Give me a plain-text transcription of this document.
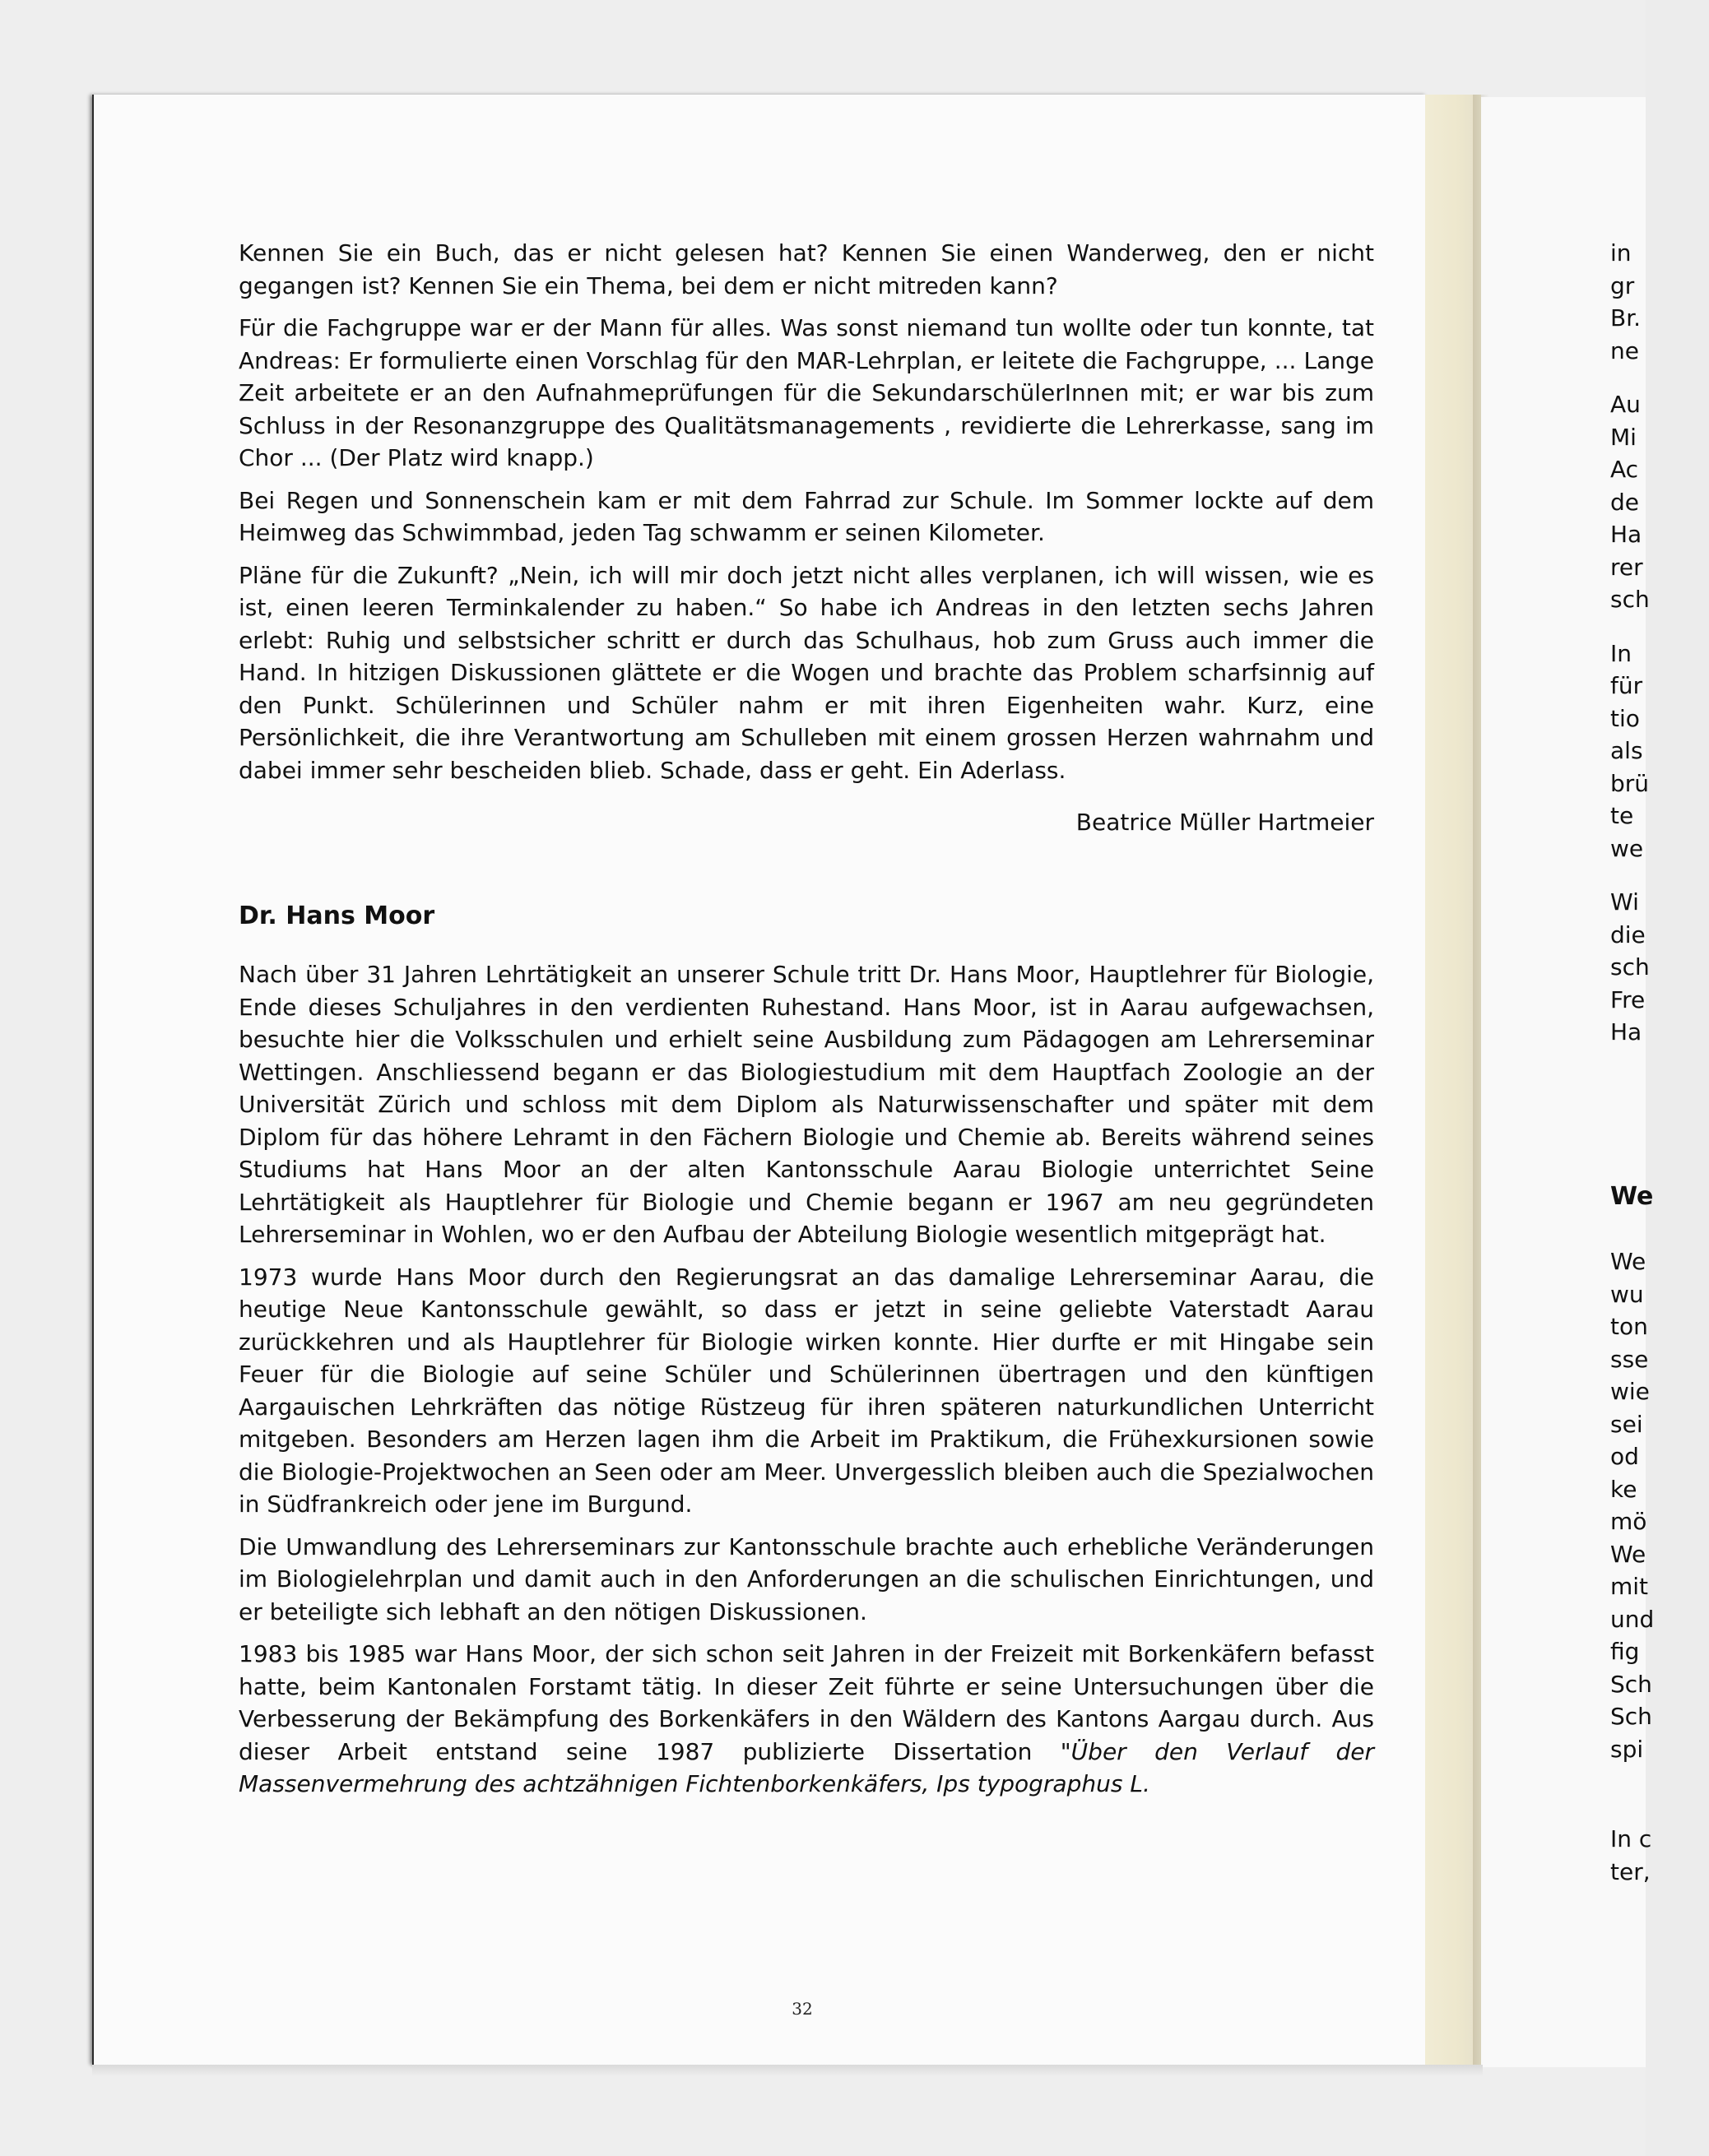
Kennen Sie ein Buch, das er nicht gelesen hat? Kennen Sie einen Wanderweg, den er nicht gegangen ist? Kennen Sie ein Thema, bei dem er nicht mitreden kann?

Für die Fachgruppe war er der Mann für alles. Was sonst niemand tun wollte oder tun konnte, tat Andreas: Er formulierte einen Vorschlag für den MAR-Lehrplan, er leitete die Fachgruppe, ... Lange Zeit arbeitete er an den Aufnahmeprüfungen für die SekundarschülerInnen mit; er war bis zum Schluss in der Resonanzgruppe des Qualitätsmanagements , revidierte die Lehrerkasse, sang im Chor ... (Der Platz wird knapp.)

Bei Regen und Sonnenschein kam er mit dem Fahrrad zur Schule. Im Sommer lockte auf dem Heimweg das Schwimmbad, jeden Tag schwamm er seinen Kilometer.

Pläne für die Zukunft? „Nein, ich will mir doch jetzt nicht alles verplanen, ich will wissen, wie es ist, einen leeren Terminkalender zu haben.“ So habe ich Andreas in den letzten sechs Jahren erlebt: Ruhig und selbstsicher schritt er durch das Schulhaus, hob zum Gruss auch immer die Hand. In hitzigen Diskussionen glättete er die Wogen und brachte das Problem scharfsinnig auf den Punkt. Schülerinnen und Schüler nahm er mit ihren Eigenheiten wahr. Kurz, eine Persönlichkeit, die ihre Verantwortung am Schulleben mit einem grossen Herzen wahrnahm und dabei immer sehr bescheiden blieb. Schade, dass er geht. Ein Aderlass.

Beatrice Müller Hartmeier

Dr. Hans Moor

Nach über 31 Jahren Lehrtätigkeit an unserer Schule tritt Dr. Hans Moor, Hauptlehrer für Biologie, Ende dieses Schuljahres in den verdienten Ruhestand. Hans Moor, ist in Aarau aufgewachsen, besuchte hier die Volksschulen und erhielt seine Ausbildung zum Pädagogen am Lehrerseminar Wettingen. Anschliessend begann er das Biologiestudium mit dem Hauptfach Zoologie an der Universität Zürich und schloss mit dem Diplom als Naturwissenschafter und später mit dem Diplom für das höhere Lehramt in den Fächern Biologie und Chemie ab. Bereits während seines Studiums hat Hans Moor an der alten Kantonsschule Aarau Biologie unterrichtet Seine Lehrtätigkeit als Hauptlehrer für Biologie und Chemie begann er 1967 am neu gegründeten Lehrerseminar in Wohlen, wo er den Aufbau der Abteilung Biologie wesentlich mitgeprägt hat.

1973 wurde Hans Moor durch den Regierungsrat an das damalige Lehrerseminar Aarau, die heutige Neue Kantonsschule gewählt, so dass er jetzt in seine geliebte Vaterstadt Aarau zurückkehren und als Hauptlehrer für Biologie wirken konnte. Hier durfte er mit Hingabe sein Feuer für die Biologie auf seine Schüler und Schülerinnen übertragen und den künftigen Aargauischen Lehrkräften das nötige Rüstzeug für ihren späteren naturkundlichen Unterricht mitgeben. Besonders am Herzen lagen ihm die Arbeit im Praktikum, die Frühexkursionen sowie die Biologie-Projektwochen an Seen oder am Meer. Unvergesslich bleiben auch die Spezialwochen in Südfrankreich oder jene im Burgund.

Die Umwandlung des Lehrerseminars zur Kantonsschule brachte auch erhebliche Veränderungen im Biologielehrplan und damit auch in den Anforderungen an die schulischen Einrichtungen, und er beteiligte sich lebhaft an den nötigen Diskussionen.

1983 bis 1985 war Hans Moor, der sich schon seit Jahren in der Freizeit mit Borkenkäfern befasst hatte, beim Kantonalen Forstamt tätig. In dieser Zeit führte er seine Untersuchungen über die Verbesserung der Bekämpfung des Borkenkäfers in den Wäldern des Kantons Aargau durch. Aus dieser Arbeit entstand seine 1987 publizierte Dissertation "Über den Verlauf der Massenvermehrung des achtzähnigen Fichtenborkenkäfers, Ips typographus L.

32
in
gr
Br.
ne
Au
Mi
Ac
de
Ha
rer
sch
In
für
tio
als
brü
te
we
Wi
die
sch
Fre
Ha
We
We
wu
ton
sse
wie
sei
od
ke
mö
We
mit
und
fig
Sch
Sch
spi
In c
ter,
